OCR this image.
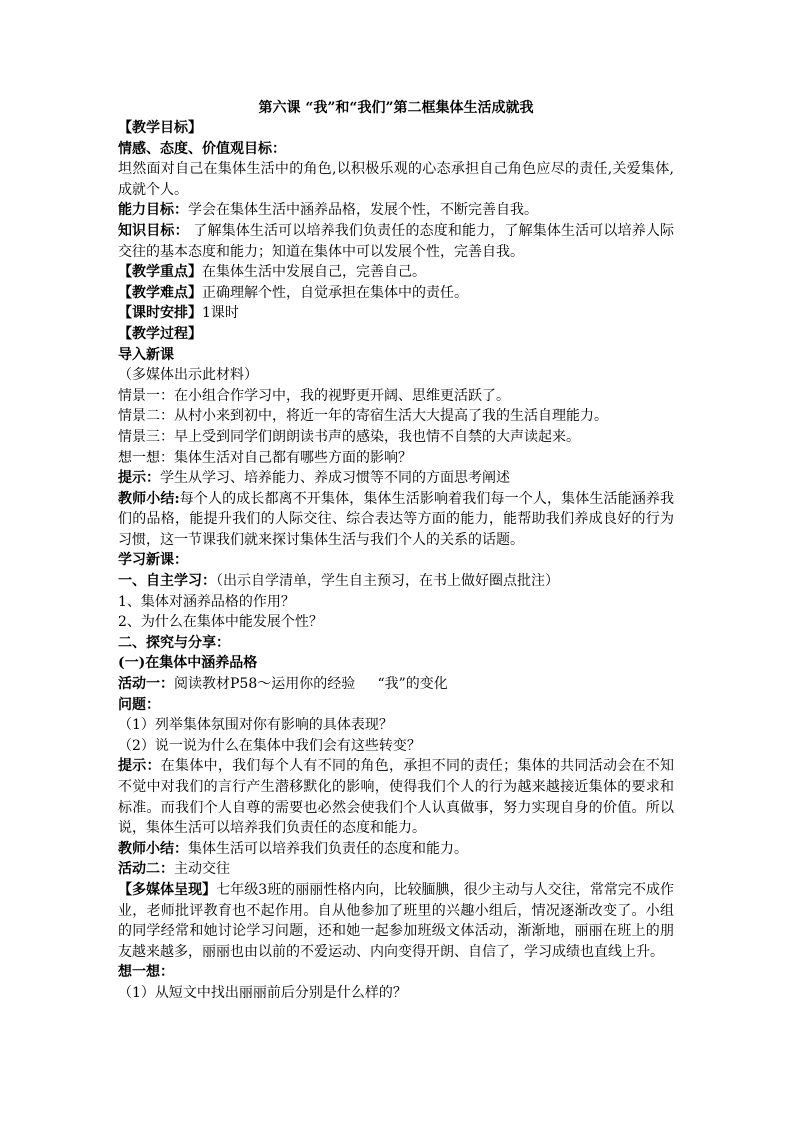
第六课 “我”和“我们”第二框集体生活成就我

【教学目标】

情感、态度、价值观目标：

坦然面对自己在集体生活中的角色,以积极乐观的心态承担自己角色应尽的责任,关爱集体,成就个人。

能力目标：学会在集体生活中涵养品格，发展个性，不断完善自我。

知识目标： 了解集体生活可以培养我们负责任的态度和能力，了解集体生活可以培养人际交往的基本态度和能力；知道在集体中可以发展个性，完善自我。

【教学重点】在集体生活中发展自己，完善自己。

【教学难点】正确理解个性，自觉承担在集体中的责任。

【课时安排】1课时

【教学过程】

导入新课

（多媒体出示此材料）

情景一：在小组合作学习中，我的视野更开阔、思维更活跃了。

情景二：从村小来到初中，将近一年的寄宿生活大大提高了我的生活自理能力。

情景三：早上受到同学们朗朗读书声的感染，我也情不自禁的大声读起来。

想一想：集体生活对自己都有哪些方面的影响？

提示：学生从学习、培养能力、养成习惯等不同的方面思考阐述

教师小结:每个人的成长都离不开集体，集体生活影响着我们每一个人，集体生活能涵养我们的品格，能提升我们的人际交往、综合表达等方面的能力，能帮助我们养成良好的行为习惯，这一节课我们就来探讨集体生活与我们个人的关系的话题。

学习新课：

一、自主学习：（出示自学清单，学生自主预习，在书上做好圈点批注）

1、集体对涵养品格的作用？

2、为什么在集体中能发展个性？

二、探究与分享：

(一)在集体中涵养品格

活动一：阅读教材P58～运用你的经验     “我”的变化

问题：

（1）列举集体氛围对你有影响的具体表现？

（2）说一说为什么在集体中我们会有这些转变？

提示：在集体中，我们每个人有不同的角色，承担不同的责任；集体的共同活动会在不知不觉中对我们的言行产生潜移默化的影响，使得我们个人的行为越来越接近集体的要求和标准。而我们个人自尊的需要也必然会使我们个人认真做事，努力实现自身的价值。所以说，集体生活可以培养我们负责任的态度和能力。

教师小结：集体生活可以培养我们负责任的态度和能力。

活动二：主动交往

【多媒体呈现】七年级3班的丽丽性格内向，比较腼腆，很少主动与人交往，常常完不成作业，老师批评教育也不起作用。自从他参加了班里的兴趣小组后，情况逐渐改变了。小组的同学经常和她讨论学习问题，还和她一起参加班级文体活动，渐渐地，丽丽在班上的朋友越来越多，丽丽也由以前的不爱运动、内向变得开朗、自信了，学习成绩也直线上升。

想一想：

（1）从短文中找出丽丽前后分别是什么样的？
